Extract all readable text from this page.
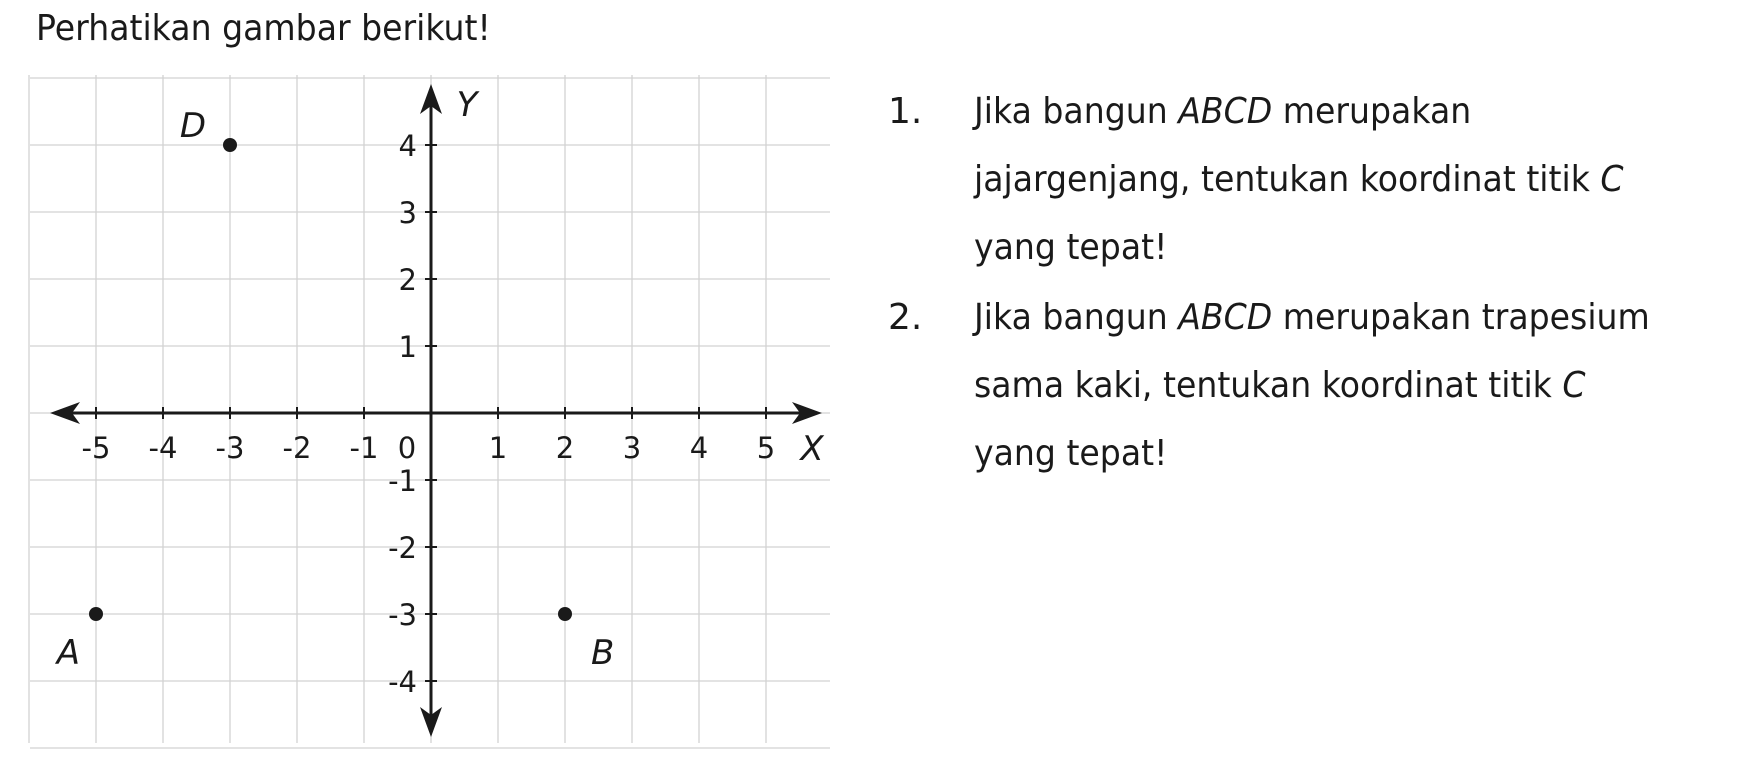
Perhatikan gambar berikut!
X
Y
-5 -4 -3 -2 -1 0	1 2 3 4 5
4
3
2
1
-1
-2
-3
-4
D
A	B
1. Jika bangun ABCD merupakan
jajargenjang, tentukan koordinat titik C
yang tepat!
2. Jika bangun ABCD merupakan trapesium
sama kaki, tentukan koordinat titik C
yang tepat!
